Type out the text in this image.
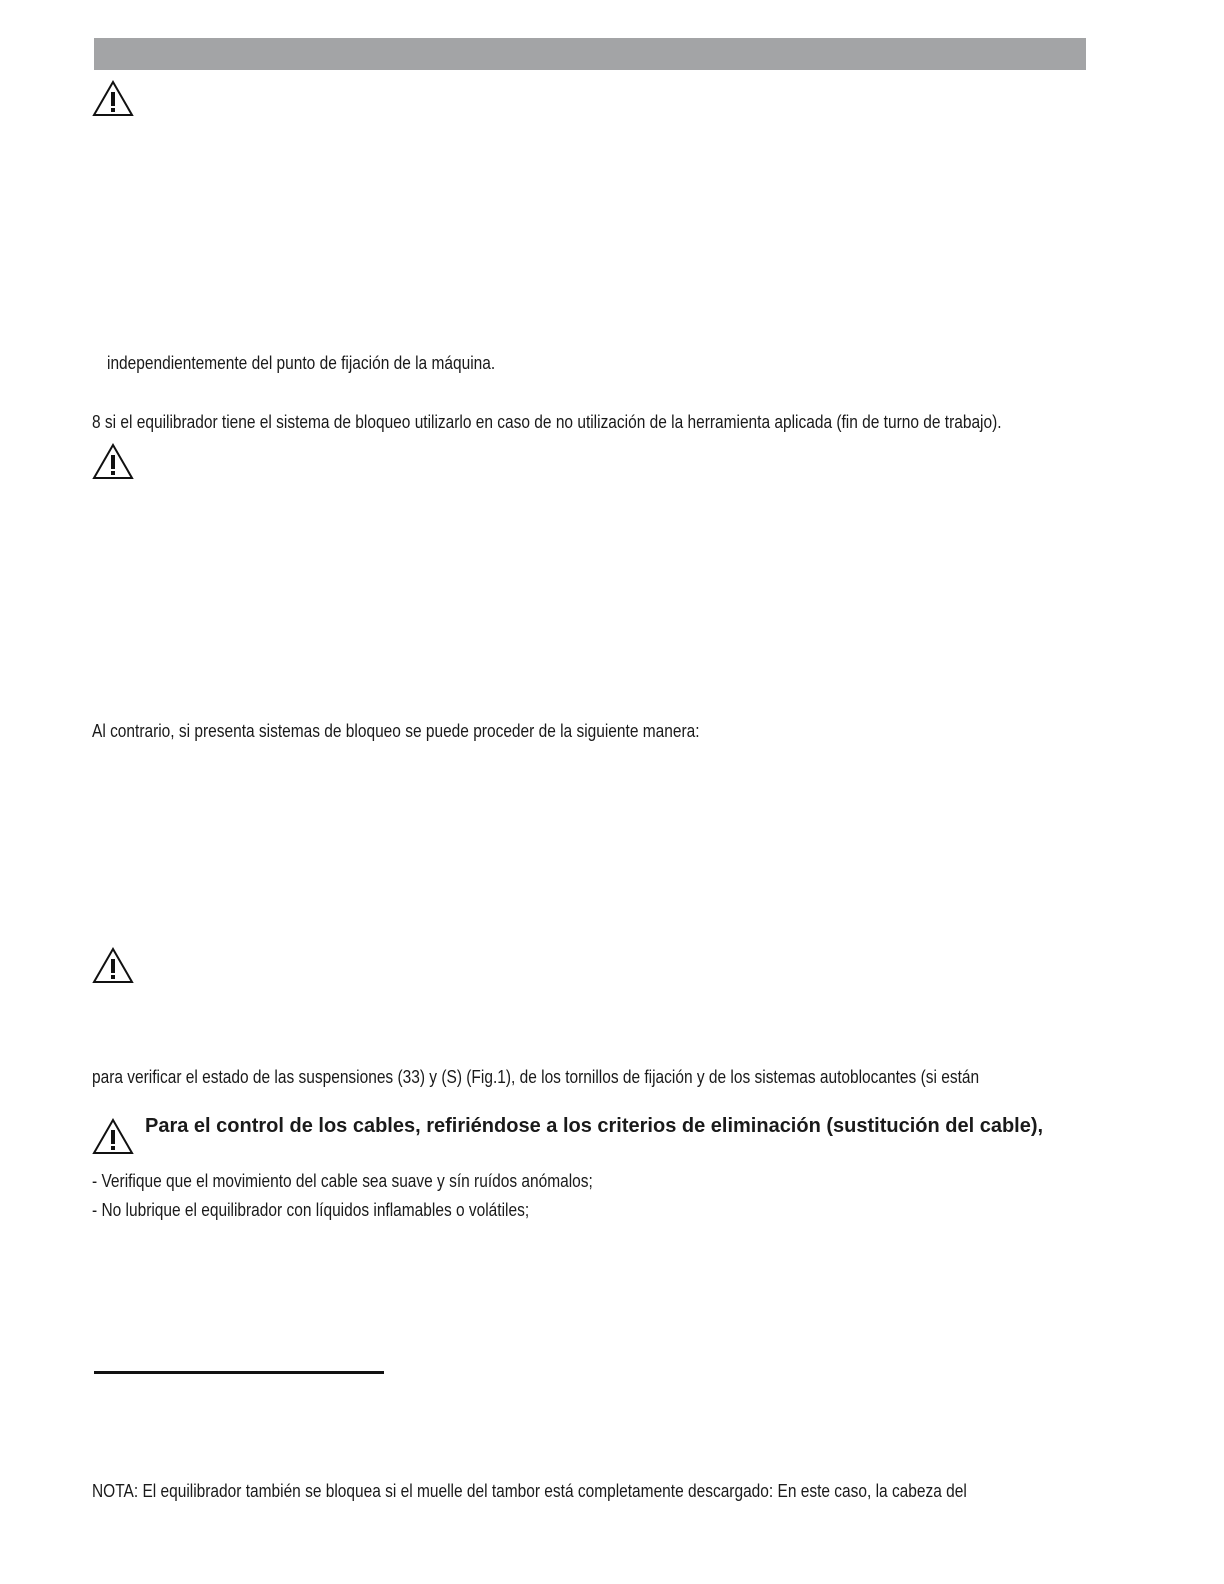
independientemente del punto de fijación de la máquina.
8 si el equilibrador tiene el sistema de bloqueo utilizarlo en caso de no utilización de la herramienta aplicada (fin de turno de trabajo).
Al contrario, si presenta sistemas de bloqueo se puede proceder de la siguiente manera:
para verificar el estado de las suspensiones (33) y (S) (Fig.1), de los tornillos de fijación y de los sistemas autoblocantes (si están
Para el control de los cables, refiriéndose a los criterios de eliminación (sustitución del cable),
- Verifique que el movimiento del cable sea suave y sín ruídos anómalos;
- No lubrique el equilibrador con líquidos inflamables o volátiles;
NOTA: El equilibrador también se bloquea si el muelle del tambor está completamente descargado: En este caso, la cabeza del
